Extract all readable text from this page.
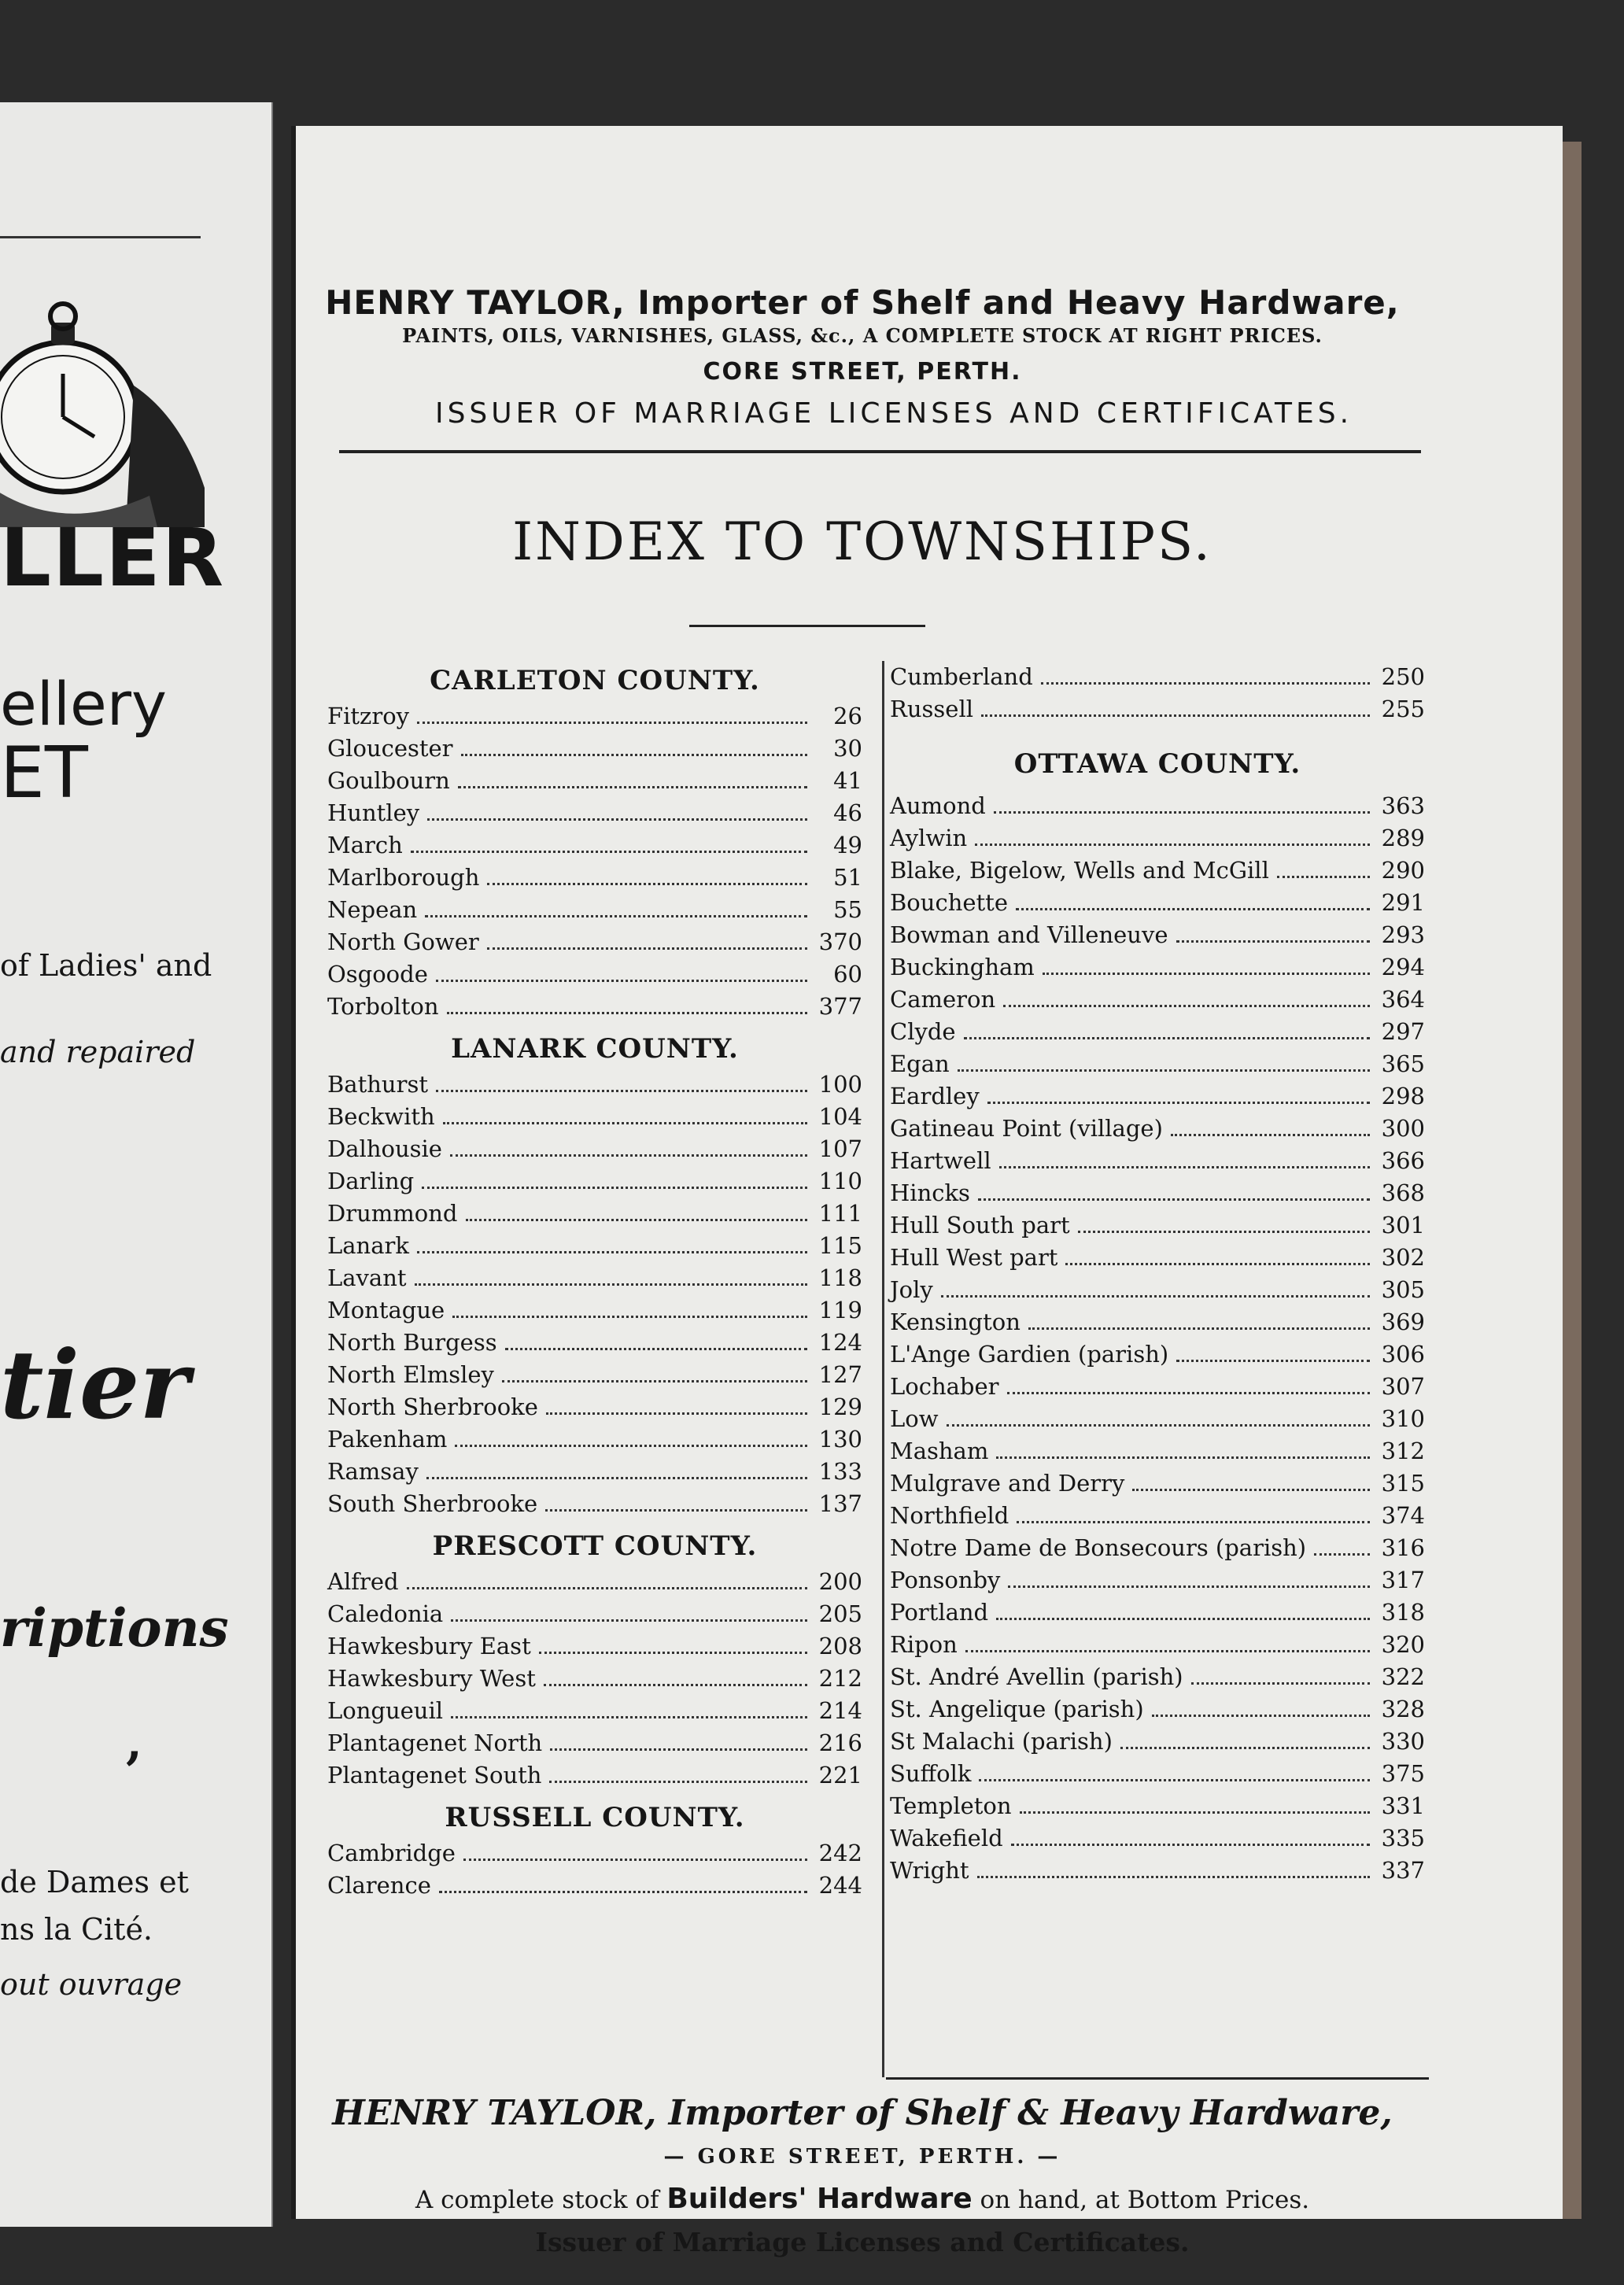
LLER
ellery
ET
of Ladies' and
and repaired
tier
riptions
,
de Dames et
ns la Cité.
out ouvrage
HENRY TAYLOR, Importer of Shelf and Heavy Hardware,
PAINTS, OILS, VARNISHES, GLASS, &c., A COMPLETE STOCK AT RIGHT PRICES.
CORE STREET, PERTH.
ISSUER OF MARRIAGE LICENSES AND CERTIFICATES.
INDEX TO TOWNSHIPS.
CARLETON COUNTY.
Fitzroy	26
Gloucester	30
Goulbourn	41
Huntley	46
March	49
Marlborough	51
Nepean	55
North Gower	370
Osgoode	60
Torbolton	377
LANARK COUNTY.
Bathurst	100
Beckwith	104
Dalhousie	107
Darling	110
Drummond	111
Lanark	115
Lavant	118
Montague	119
North Burgess	124
North Elmsley	127
North Sherbrooke	129
Pakenham	130
Ramsay	133
South Sherbrooke	137
PRESCOTT COUNTY.
Alfred	200
Caledonia	205
Hawkesbury East	208
Hawkesbury West	212
Longueuil	214
Plantagenet North	216
Plantagenet South	221
RUSSELL COUNTY.
Cambridge	242
Clarence	244
Cumberland	250
Russell	255
OTTAWA COUNTY.
Aumond	363
Aylwin	289
Blake, Bigelow, Wells and McGill	290
Bouchette	291
Bowman and Villeneuve	293
Buckingham	294
Cameron	364
Clyde	297
Egan	365
Eardley	298
Gatineau Point (village)	300
Hartwell	366
Hincks	368
Hull South part	301
Hull West part	302
Joly	305
Kensington	369
L'Ange Gardien (parish)	306
Lochaber	307
Low	310
Masham	312
Mulgrave and Derry	315
Northfield	374
Notre Dame de Bonsecours (parish)	316
Ponsonby	317
Portland	318
Ripon	320
St. André Avellin (parish)	322
St. Angelique (parish)	328
St Malachi (parish)	330
Suffolk	375
Templeton	331
Wakefield	335
Wright	337
HENRY TAYLOR, Importer of Shelf & Heavy Hardware,
— GORE STREET, PERTH. —
A complete stock of Builders' Hardware on hand, at Bottom Prices.
Issuer of Marriage Licenses and Certificates.
